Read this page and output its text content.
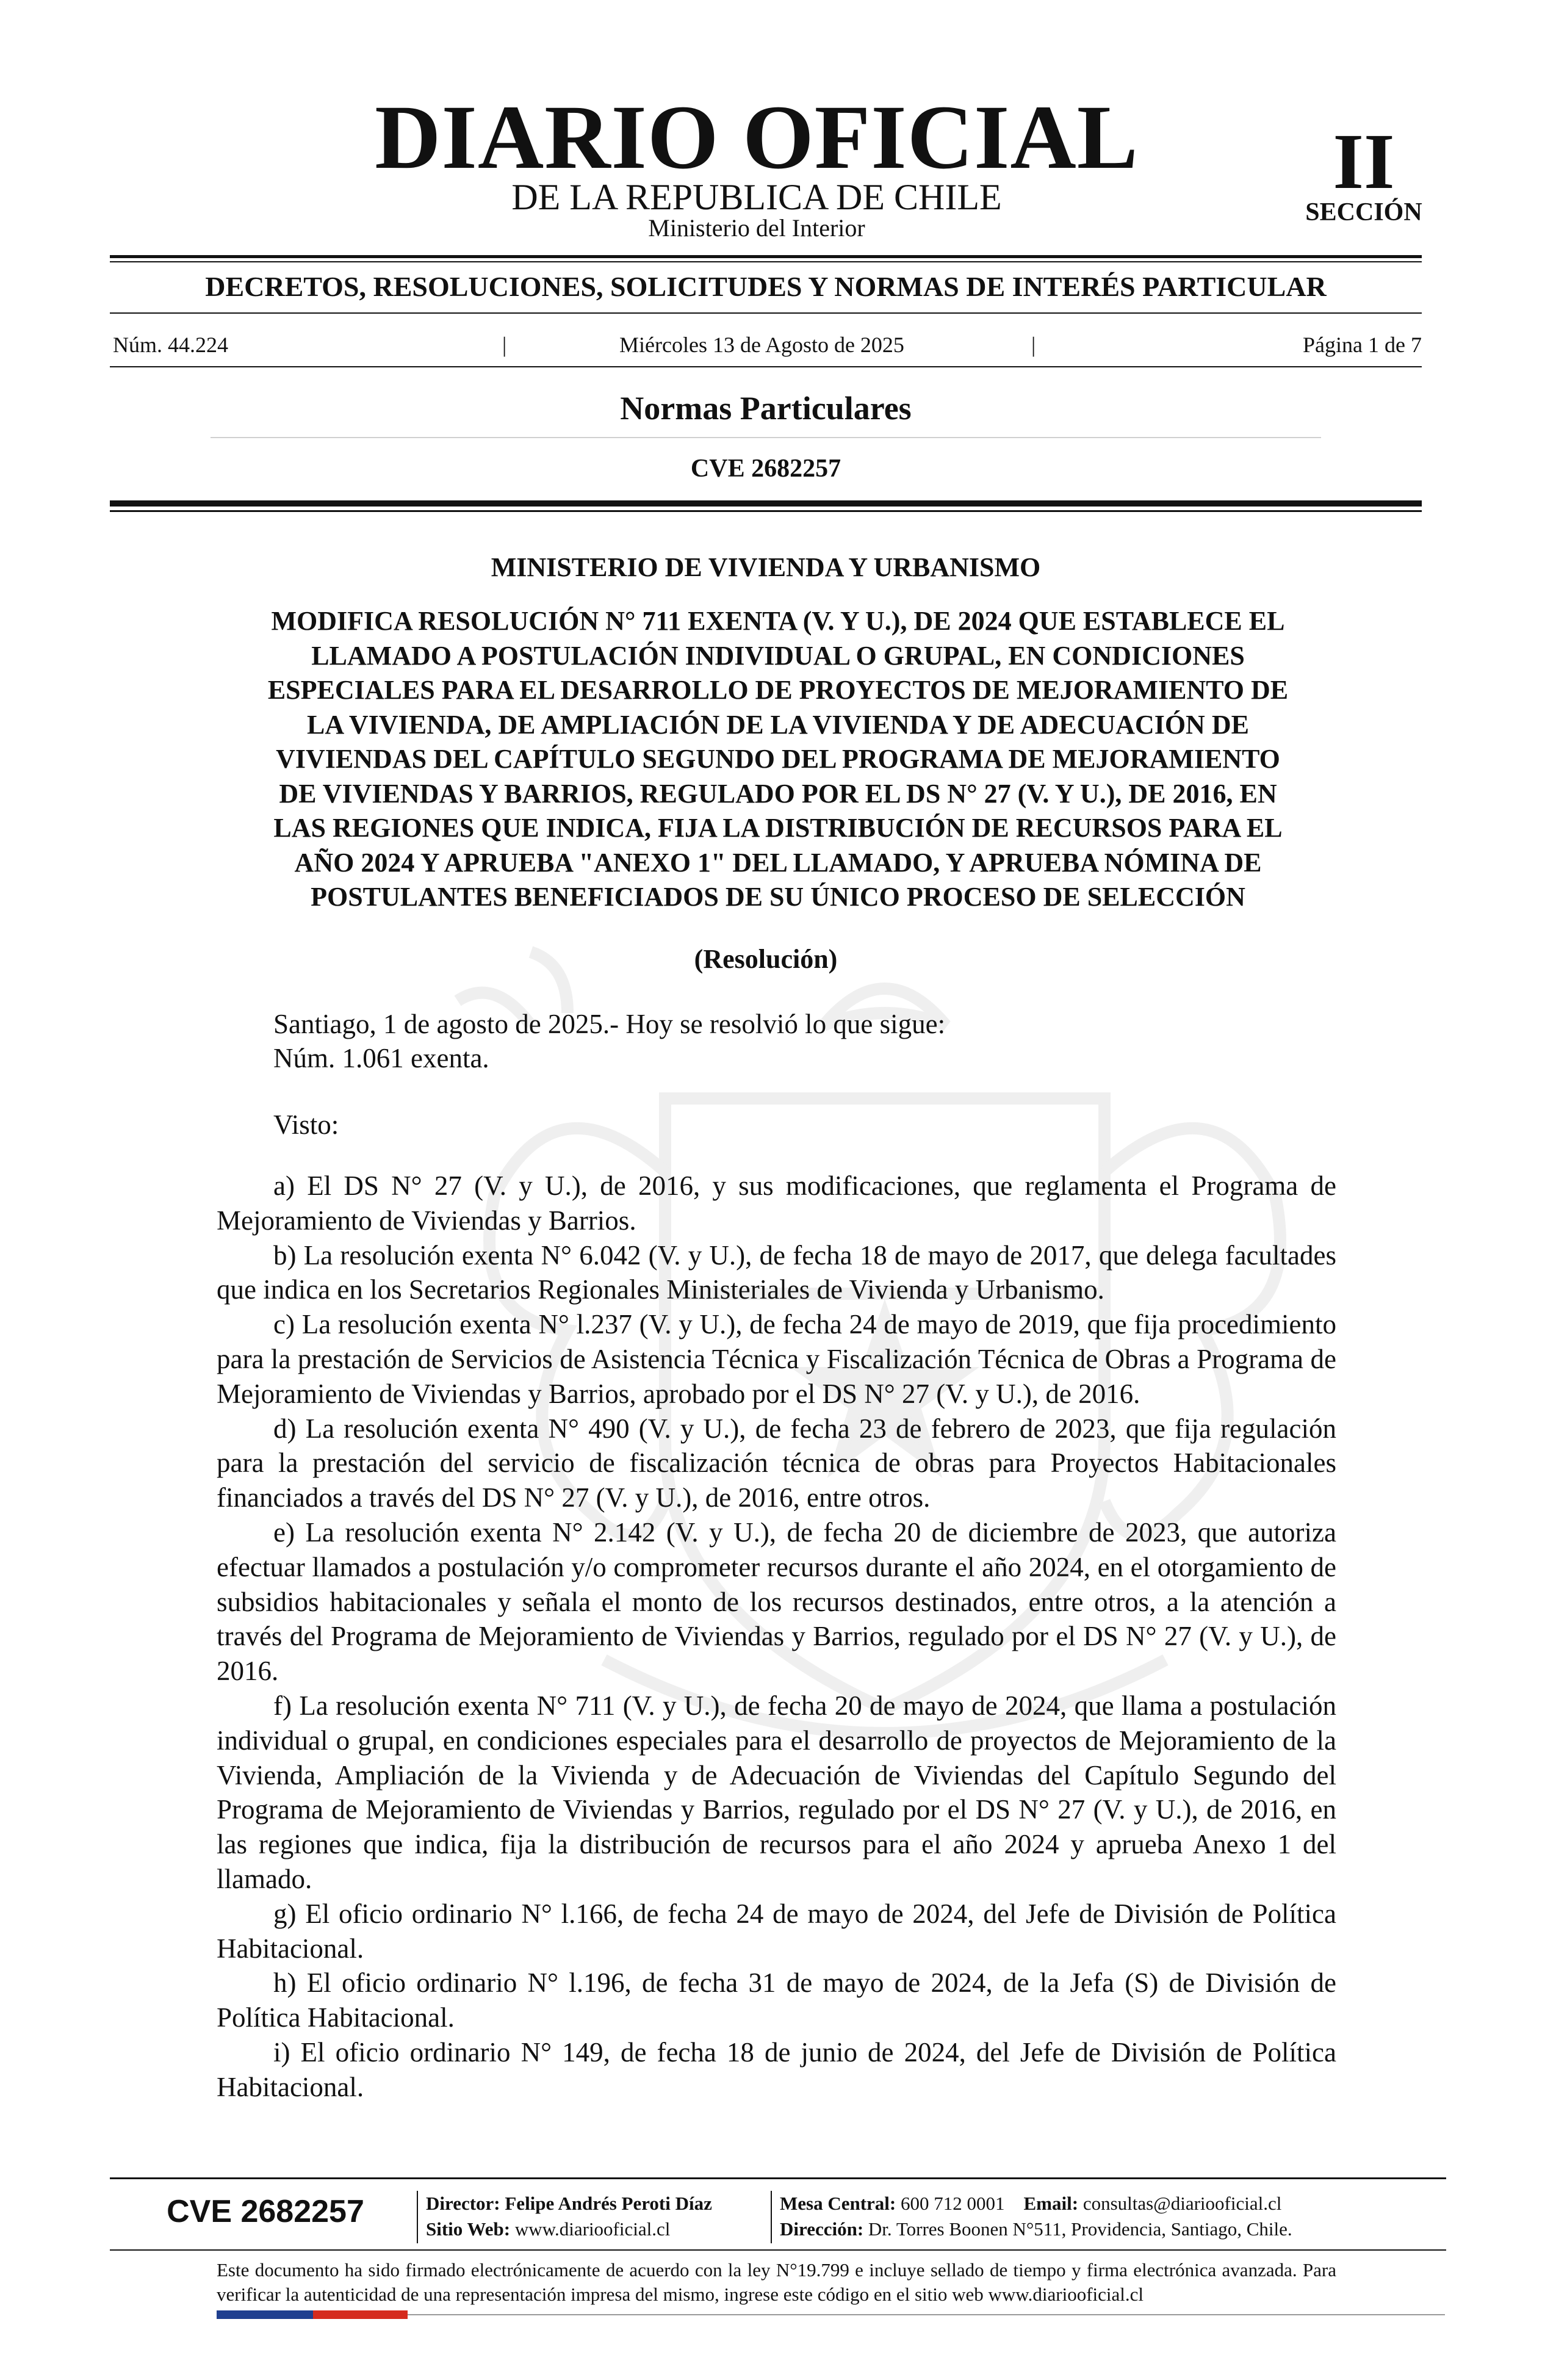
DIARIO OFICIAL
DE LA REPUBLICA DE CHILE
Ministerio del Interior
II
SECCIÓN
DECRETOS, RESOLUCIONES, SOLICITUDES Y NORMAS DE INTERÉS PARTICULAR
Núm. 44.224	|	Miércoles 13 de Agosto de 2025	|	Página 1 de 7
Normas Particulares
CVE 2682257
MINISTERIO DE VIVIENDA Y URBANISMO
MODIFICA RESOLUCIÓN N° 711 EXENTA (V. Y U.), DE 2024 QUE ESTABLECE EL
LLAMADO A POSTULACIÓN INDIVIDUAL O GRUPAL, EN CONDICIONES
ESPECIALES PARA EL DESARROLLO DE PROYECTOS DE MEJORAMIENTO DE
LA VIVIENDA, DE AMPLIACIÓN DE LA VIVIENDA Y DE ADECUACIÓN DE
VIVIENDAS DEL CAPÍTULO SEGUNDO DEL PROGRAMA DE MEJORAMIENTO
DE VIVIENDAS Y BARRIOS, REGULADO POR EL DS N° 27 (V. Y U.), DE 2016, EN
LAS REGIONES QUE INDICA, FIJA LA DISTRIBUCIÓN DE RECURSOS PARA EL
AÑO 2024 Y APRUEBA "ANEXO 1" DEL LLAMADO, Y APRUEBA NÓMINA DE
POSTULANTES BENEFICIADOS DE SU ÚNICO PROCESO DE SELECCIÓN
(Resolución)
Santiago, 1 de agosto de 2025.- Hoy se resolvió lo que sigue:
Núm. 1.061 exenta.
Visto:

a) El DS N° 27 (V. y U.), de 2016, y sus modificaciones, que reglamenta el Programa de Mejoramiento de Viviendas y Barrios.

b) La resolución exenta N° 6.042 (V. y U.), de fecha 18 de mayo de 2017, que delega facultades que indica en los Secretarios Regionales Ministeriales de Vivienda y Urbanismo.

c) La resolución exenta N° l.237 (V. y U.), de fecha 24 de mayo de 2019, que fija procedimiento para la prestación de Servicios de Asistencia Técnica y Fiscalización Técnica de Obras a Programa de Mejoramiento de Viviendas y Barrios, aprobado por el DS N° 27 (V. y U.), de 2016.

d) La resolución exenta N° 490 (V. y U.), de fecha 23 de febrero de 2023, que fija regulación para la prestación del servicio de fiscalización técnica de obras para Proyectos Habitacionales financiados a través del DS N° 27 (V. y U.), de 2016, entre otros.

e) La resolución exenta N° 2.142 (V. y U.), de fecha 20 de diciembre de 2023, que autoriza efectuar llamados a postulación y/o comprometer recursos durante el año 2024, en el otorgamiento de subsidios habitacionales y señala el monto de los recursos destinados, entre otros, a la atención a través del Programa de Mejoramiento de Viviendas y Barrios, regulado por el DS N° 27 (V. y U.), de 2016.

f) La resolución exenta N° 711 (V. y U.), de fecha 20 de mayo de 2024, que llama a postulación individual o grupal, en condiciones especiales para el desarrollo de proyectos de Mejoramiento de la Vivienda, Ampliación de la Vivienda y de Adecuación de Viviendas del Capítulo Segundo del Programa de Mejoramiento de Viviendas y Barrios, regulado por el DS N° 27 (V. y U.), de 2016, en las regiones que indica, fija la distribución de recursos para el año 2024 y aprueba Anexo 1 del llamado.

g) El oficio ordinario N° l.166, de fecha 24 de mayo de 2024, del Jefe de División de Política Habitacional.

h) El oficio ordinario N° l.196, de fecha 31 de mayo de 2024, de la Jefa (S) de División de Política Habitacional.

i) El oficio ordinario N° 149, de fecha 18 de junio de 2024, del Jefe de División de Política Habitacional.

CVE 2682257	Director: Felipe Andrés Peroti Díaz
Sitio Web: www.diariooficial.cl
Mesa Central: 600 712 0001 Email: consultas@diariooficial.cl
Dirección: Dr. Torres Boonen N°511, Providencia, Santiago, Chile.
Este documento ha sido firmado electrónicamente de acuerdo con la ley N°19.799 e incluye sellado de tiempo y firma electrónica avanzada. Para verificar la autenticidad de una representación impresa del mismo, ingrese este código en el sitio web www.diariooficial.cl
